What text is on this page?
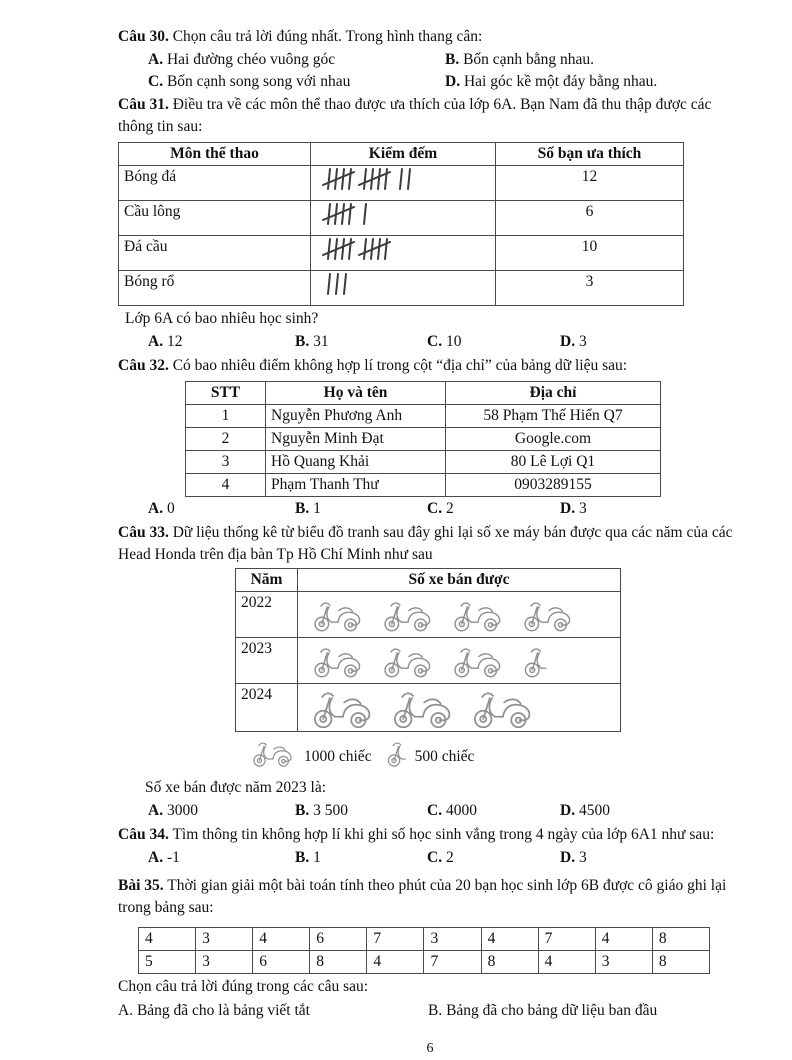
Câu 30. Chọn câu trả lời đúng nhất. Trong hình thang cân:

A. Hai đường chéo vuông góc	B. Bốn cạnh bằng nhau.
C. Bốn cạnh song song với nhau	D. Hai góc kề một đáy bằng nhau.

Câu 31. Điều tra về các môn thể thao được ưa thích của lớp 6A. Bạn Nam đã thu thập được các thông tin sau:

Môn thể thao	Kiểm đếm	Số bạn ưa thích
Bóng đá		12
Cầu lông		6
Đá cầu		10
Bóng rổ		3

Lớp 6A có bao nhiêu học sinh?

A. 12	B. 31	C. 10	D. 3

Câu 32. Có bao nhiêu điểm không hợp lí trong cột “địa chỉ” của bảng dữ liệu sau:

STT	Họ và tên	Địa chỉ
1	Nguyễn Phương Anh	58 Phạm Thế Hiển Q7
2	Nguyễn Minh Đạt	Google.com
3	Hồ Quang Khải	80 Lê Lợi Q1
4	Phạm Thanh Thư	0903289155
A. 0	B. 1	C. 2	D. 3

Câu 33. Dữ liệu thống kê từ biểu đồ tranh sau đây ghi lại số xe máy bán được qua các năm của các Head Honda trên địa bàn Tp Hồ Chí Minh như sau

Năm	Số xe bán được
2022	

2023	

2024	
1000 chiếc	500 chiếc

Số xe bán được năm 2023 là:

A. 3000	B. 3 500	C. 4000	D. 4500

Câu 34. Tìm thông tin không hợp lí khi ghi số học sinh vắng trong 4 ngày của lớp 6A1 như sau:

A. -1	B. 1	C. 2	D. 3

Bài 35. Thời gian giải một bài toán tính theo phút của 20 bạn học sinh lớp 6B được cô giáo ghi lại trong bảng sau:

4	3	4	6	7	3	4	7	4	8
5	3	6	8	4	7	8	4	3	8

Chọn câu trả lời đúng trong các câu sau:

A. Bảng đã cho là bảng viết tắt	B. Bảng đã cho bảng dữ liệu ban đầu
6
